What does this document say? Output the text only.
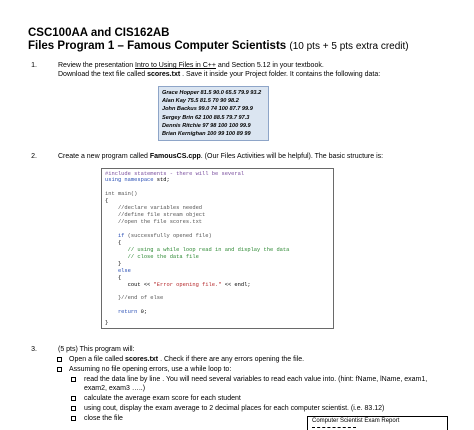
CSC100AA and CIS162AB
Files Program 1 – Famous Computer Scientists (10 pts + 5 pts extra credit)
1.	Review the presentation Intro to Using Files in C++ and Section 5.12 in your textbook.
Download the text file called scores.txt . Save it inside your Project folder. It contains the following data:
Grace Hopper 81.5 90.0 65.5 79.9 93.2
Alan Kay 75.5 81.5 70 90 98.2
John Backus 99.0 74 100 87.7 99.9
Sergey Brin 62 100 88.5 79.7 97.3
Dennis Ritchie 97 98 100 100 99.9
Brian Kernighan 100 99 100 89 99
2.	Create a new program called FamousCS.cpp. (Our Files Activities will be helpful). The basic structure is:
#include statements - there will be several
using namespace std;
int main()
{
//declare variables needed
//define file stream object
//open the file scores.txt
if (successfully opened file)
{
// using a while loop read in and display the data
// close the data file
}
else
{
cout << "Error opening file." << endl;
}//end of else
return 0;
}
3.	(5 pts) This program will:
Open a file called scores.txt . Check if there are any errors opening the file.
Assuming no file opening errors, use a while loop to:
read the data line by line . You will need several variables to read each value into. (hint: fName, lName, exam1,
exam2, exam3 …..)
calculate the average exam score for each student
using cout, display the exam average to 2 decimal places for each computer scientist. (i.e. 83.12)
close the file	Computer Scientist Exam Report
